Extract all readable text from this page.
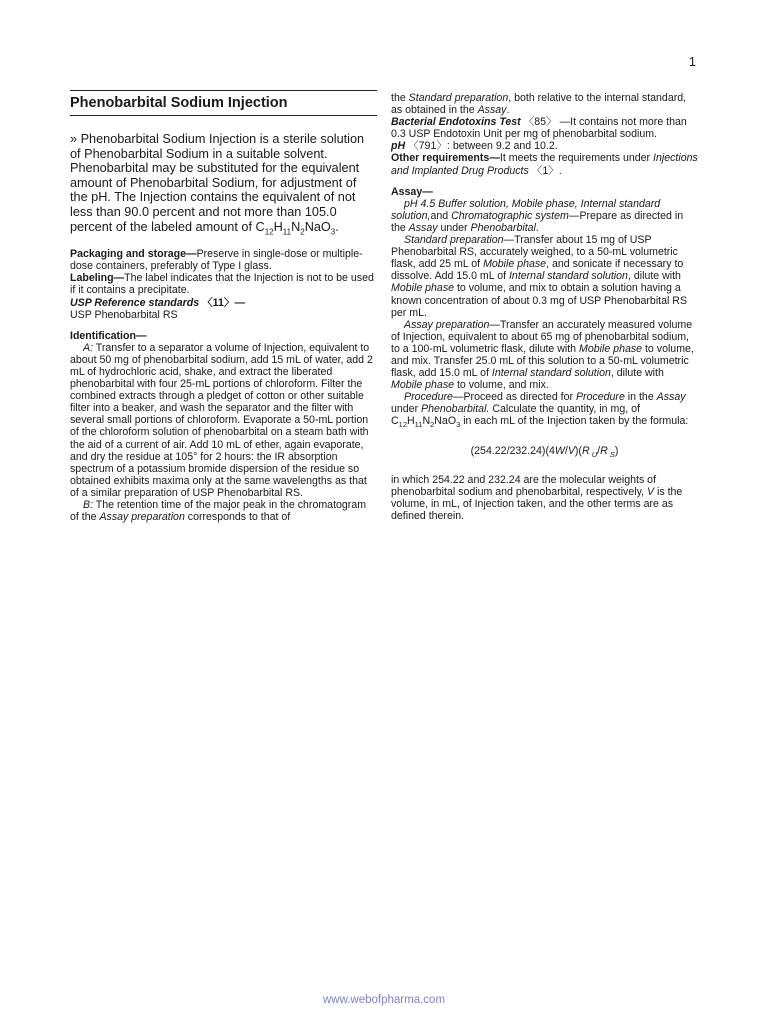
1
Phenobarbital Sodium Injection

» Phenobarbital Sodium Injection is a sterile solution of Phenobarbital Sodium in a suitable solvent. Phenobarbital may be substituted for the equivalent amount of Phenobarbital Sodium, for adjustment of the pH. The Injection contains the equivalent of not less than 90.0 percent and not more than 105.0 percent of the labeled amount of $C_{12}H_{11}N_2NaO_3$.

Packaging and storage—Preserve in single-dose or multiple-dose containers, preferably of Type I glass.

Labeling—The label indicates that the Injection is not to be used if it contains a precipitate.

USP Reference standards 〈11〉—

USP Phenobarbital RS

Identification—

A: Transfer to a separator a volume of Injection, equivalent to about 50 mg of phenobarbital sodium, add 15 mL of water, add 2 mL of hydrochloric acid, shake, and extract the liberated phenobarbital with four 25-mL portions of chloroform. Filter the combined extracts through a pledget of cotton or other suitable filter into a beaker, and wash the separator and the filter with several small portions of chloroform. Evaporate a 50-mL portion of the chloroform solution of phenobarbital on a steam bath with the aid of a current of air. Add 10 mL of ether, again evaporate, and dry the residue at 105° for 2 hours: the IR absorption spectrum of a potassium bromide dispersion of the residue so obtained exhibits maxima only at the same wavelengths as that of a similar preparation of USP Phenobarbital RS.

B: The retention time of the major peak in the chromatogram of the Assay preparation corresponds to that of

the Standard preparation, both relative to the internal standard, as obtained in the Assay.

Bacterial Endotoxins Test 〈85〉 —It contains not more than 0.3 USP Endotoxin Unit per mg of phenobarbital sodium.

pH 〈791〉: between 9.2 and 10.2.

Other requirements—It meets the requirements under Injections and Implanted Drug Products 〈1〉.

Assay—

pH 4.5 Buffer solution, Mobile phase, Internal standard solution,and Chromatographic system—Prepare as directed in the Assay under Phenobarbital.

Standard preparation—Transfer about 15 mg of USP Phenobarbital RS, accurately weighed, to a 50-mL volumetric flask, add 25 mL of Mobile phase, and sonicate if necessary to dissolve. Add 15.0 mL of Internal standard solution, dilute with Mobile phase to volume, and mix to obtain a solution having a known concentration of about 0.3 mg of USP Phenobarbital RS per mL.

Assay preparation—Transfer an accurately measured volume of Injection, equivalent to about 65 mg of phenobarbital sodium, to a 100-mL volumetric flask, dilute with Mobile phase to volume, and mix. Transfer 25.0 mL of this solution to a 50-mL volumetric flask, add 15.0 mL of Internal standard solution, dilute with Mobile phase to volume, and mix.

Procedure—Proceed as directed for Procedure in the Assay under Phenobarbital. Calculate the quantity, in mg, of $C_{12}H_{11}N_2NaO_3$ in each mL of the Injection taken by the formula:

(254.22/232.24)(4W/V)(R $_U$/R $_S$)

in which 254.22 and 232.24 are the molecular weights of phenobarbital sodium and phenobarbital, respectively, V is the volume, in mL, of Injection taken, and the other terms are as defined therein.

www.webofpharma.com
